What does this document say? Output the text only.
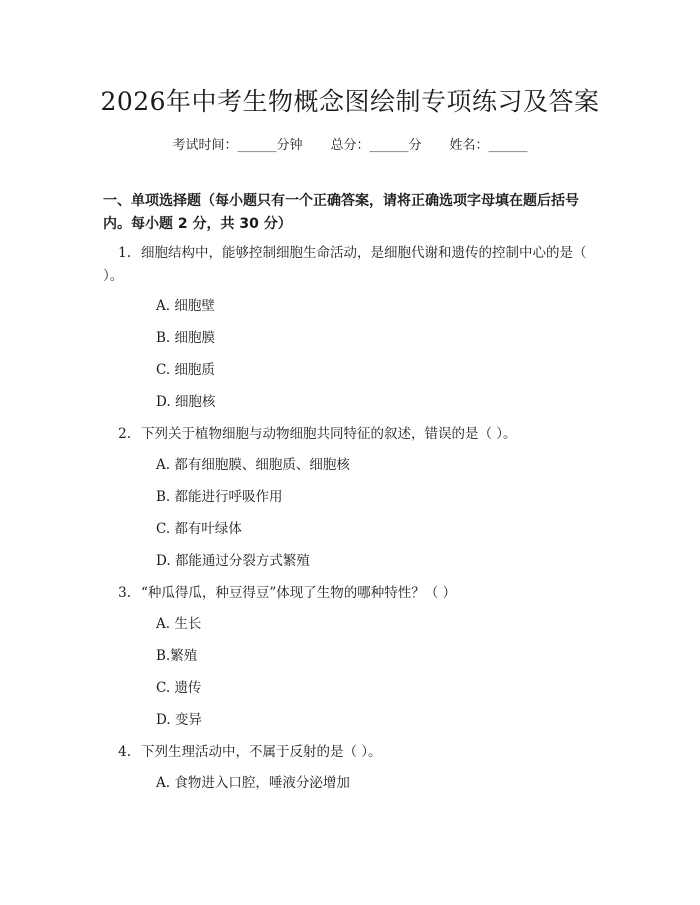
2026年中考生物概念图绘制专项练习及答案
考试时间：______分钟 总分：______分 姓名：______

一、单项选择题（每小题只有一个正确答案，请将正确选项字母填在题后括号内。每小题 2 分，共 30 分）

1. 细胞结构中，能够控制细胞生命活动，是细胞代谢和遗传的控制中心的是（ ）。
A. 细胞壁
B. 细胞膜
C. 细胞质
D. 细胞核
2. 下列关于植物细胞与动物细胞共同特征的叙述，错误的是（ ）。
A. 都有细胞膜、细胞质、细胞核
B. 都能进行呼吸作用
C. 都有叶绿体
D. 都能通过分裂方式繁殖
3. “种瓜得瓜，种豆得豆”体现了生物的哪种特性？（ ）
A. 生长
B.繁殖
C. 遗传
D. 变异
4. 下列生理活动中，不属于反射的是（ ）。
A. 食物进入口腔，唾液分泌增加
